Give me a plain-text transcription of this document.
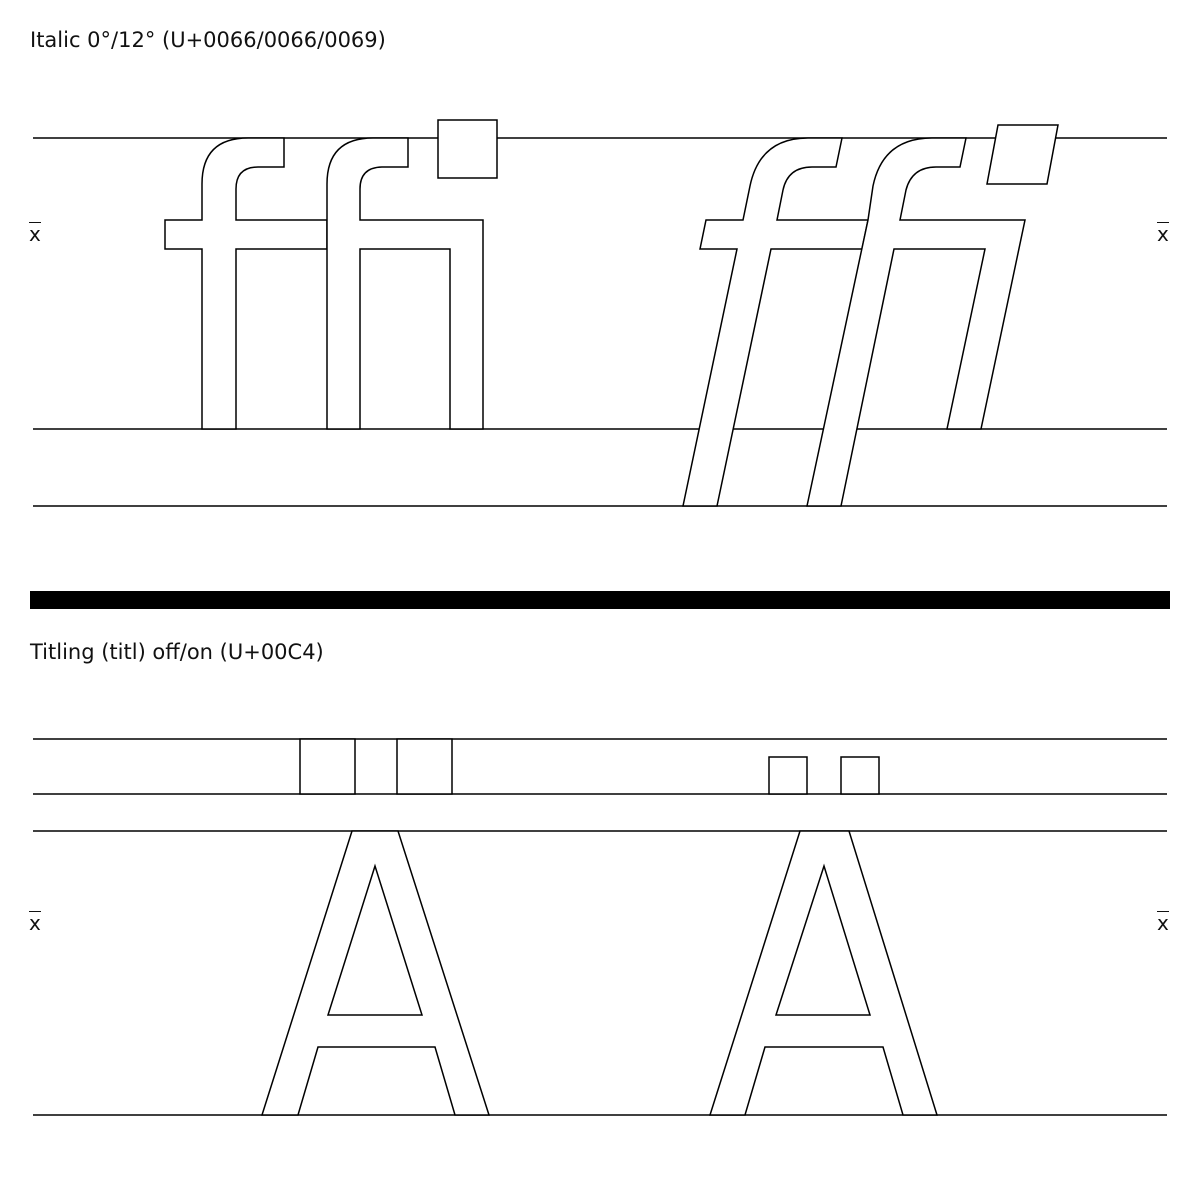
Italic 0°/12° (U+0066/0066/0069)
x	x
Titling (titl) off/on (U+00C4)
x	x
